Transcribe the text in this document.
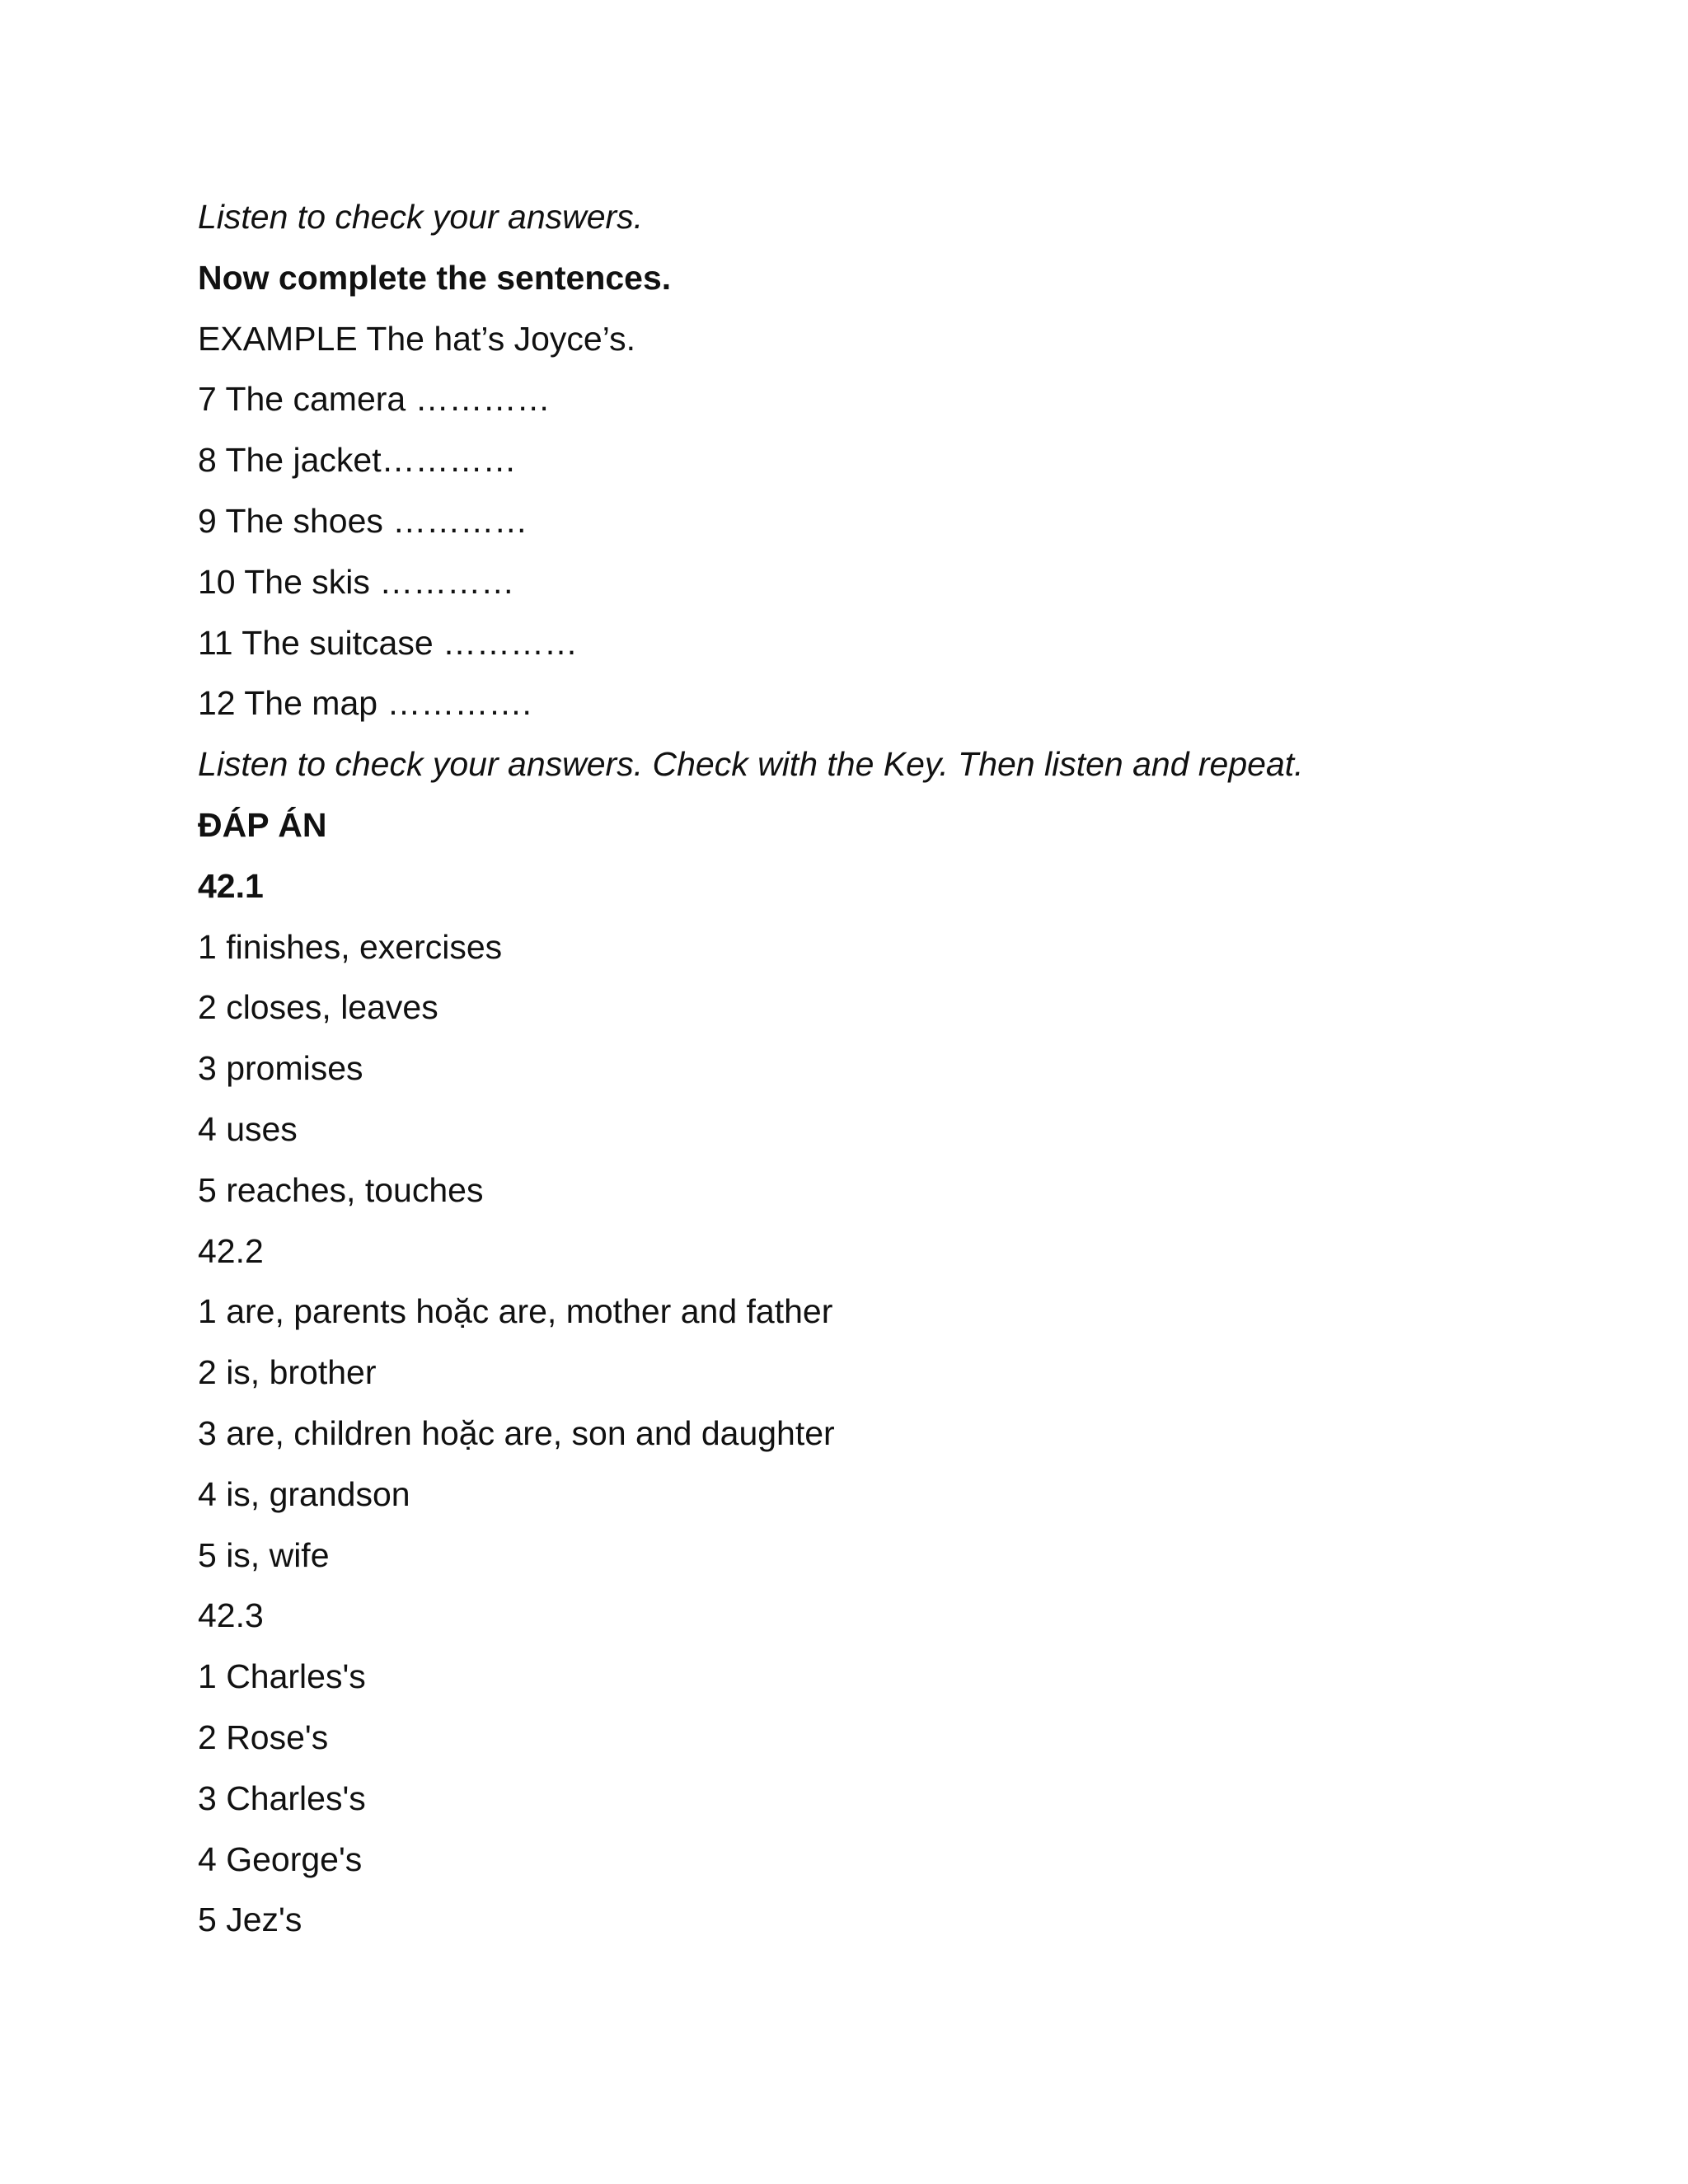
Listen to check your answers.
Now complete the sentences.
EXAMPLE The hat’s Joyce’s.
7 The camera …………
8 The jacket…………
9 The shoes …………
10 The skis …………
11 The suitcase …………
12 The map ………….
Listen to check your answers. Check with the Key. Then listen and repeat.
ĐÁP ÁN
42.1
1 finishes, exercises
2 closes, leaves
3 promises
4 uses
5 reaches, touches
42.2
1 are, parents hoặc are, mother and father
2 is, brother
3 are, children hoặc are, son and daughter
4 is, grandson
5 is, wife
42.3
1 Charles's
2 Rose's
3 Charles's
4 George's
5 Jez's
